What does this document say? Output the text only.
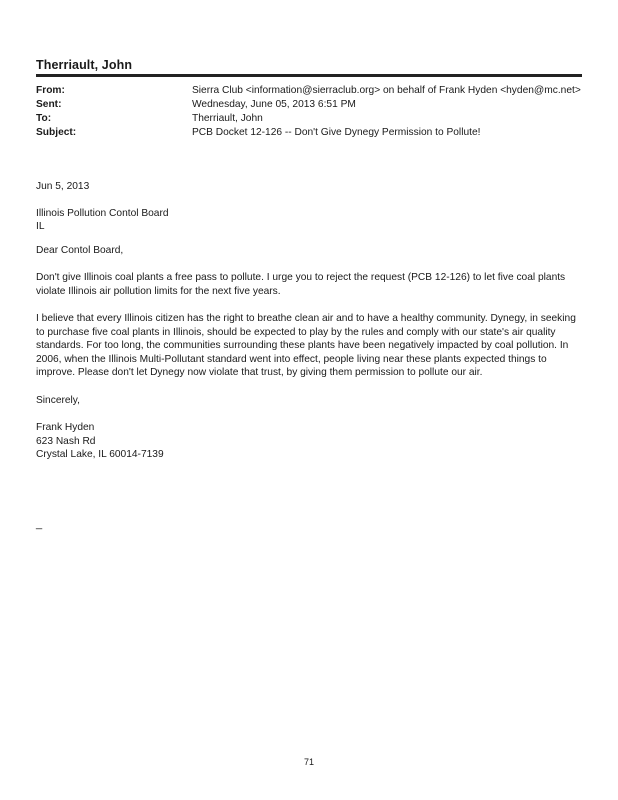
Therriault, John
From:	Sierra Club <information@sierraclub.org> on behalf of Frank Hyden <hyden@mc.net>
Sent:	Wednesday, June 05, 2013 6:51 PM
To:	Therriault, John
Subject:	PCB Docket 12-126 -- Don't Give Dynegy Permission to Pollute!

Jun 5, 2013

Illinois Pollution Contol Board
IL

Dear Contol Board,

Don't give Illinois coal plants a free pass to pollute. I urge you to reject the request (PCB 12-126) to let five coal plants
violate Illinois air pollution limits for the next five years.

I believe that every Illinois citizen has the right to breathe clean air and to have a healthy community. Dynegy, in seeking
to purchase five coal plants in Illinois, should be expected to play by the rules and comply with our state's air quality
standards. For too long, the communities surrounding these plants have been negatively impacted by coal pollution. In
2006, when the Illinois Multi-Pollutant standard went into effect, people living near these plants expected things to
improve. Please don't let Dynegy now violate that trust, by giving them permission to pollute our air.

Sincerely,

Frank Hyden
623 Nash Rd
Crystal Lake, IL 60014-7139

_
71
